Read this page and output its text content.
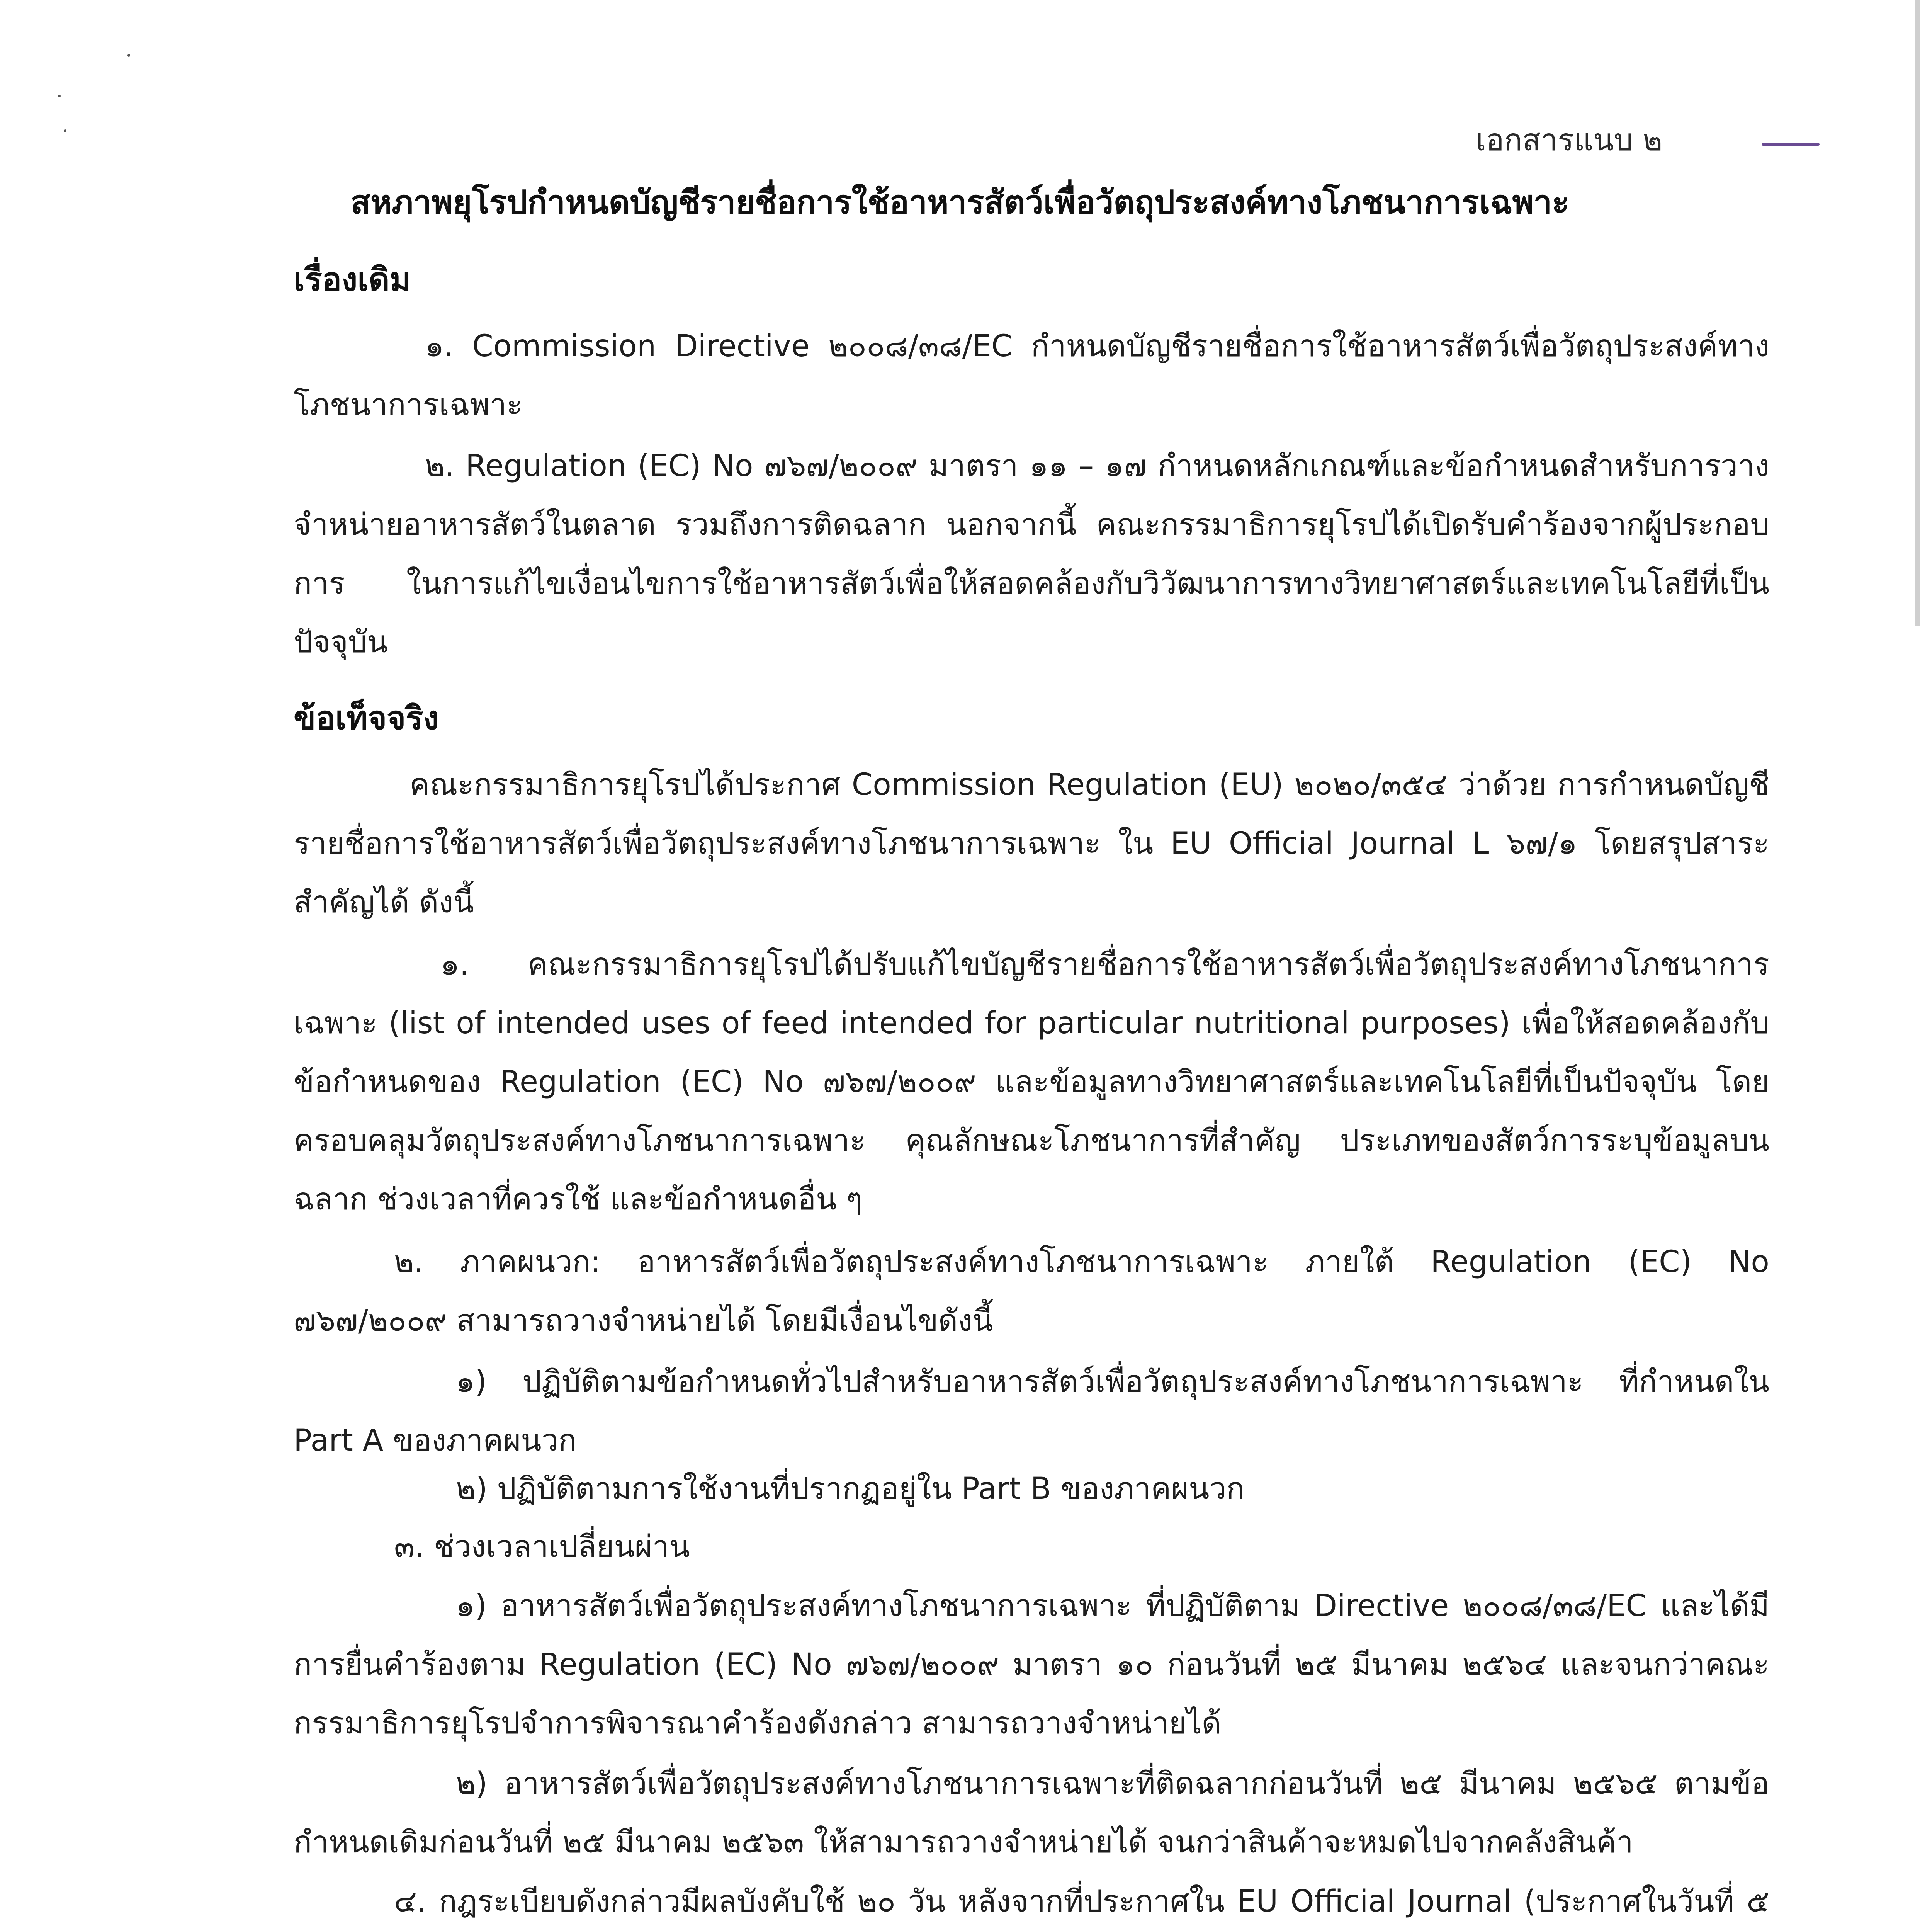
เอกสารแนบ ๒
สหภาพยุโรปกำหนดบัญชีรายชื่อการใช้อาหารสัตว์เพื่อวัตถุประสงค์ทางโภชนาการเฉพาะ
เรื่องเดิม

๑. Commission Directive ๒๐๐๘/๓๘/EC กำหนดบัญชีรายชื่อการใช้อาหารสัตว์เพื่อวัตถุประสงค์ทางโภชนาการเฉพาะ

๒. Regulation (EC) No ๗๖๗/๒๐๐๙ มาตรา ๑๑ – ๑๗ กำหนดหลักเกณฑ์และข้อกำหนดสำหรับการวางจำหน่ายอาหารสัตว์ในตลาด รวมถึงการติดฉลาก นอกจากนี้ คณะกรรมาธิการยุโรปได้เปิดรับคำร้องจากผู้ประกอบการ ในการแก้ไขเงื่อนไขการใช้อาหารสัตว์เพื่อให้สอดคล้องกับวิวัฒนาการทางวิทยาศาสตร์และเทคโนโลยีที่เป็นปัจจุบัน

ข้อเท็จจริง

คณะกรรมาธิการยุโรปได้ประกาศ Commission Regulation (EU) ๒๐๒๐/๓๕๔ ว่าด้วย การกำหนดบัญชีรายชื่อการใช้อาหารสัตว์เพื่อวัตถุประสงค์ทางโภชนาการเฉพาะ ใน EU Official Journal L ๖๗/๑ โดยสรุปสาระสำคัญได้ ดังนี้

๑. คณะกรรมาธิการยุโรปได้ปรับแก้ไขบัญชีรายชื่อการใช้อาหารสัตว์เพื่อวัตถุประสงค์ทางโภชนาการเฉพาะ (list of intended uses of feed intended for particular nutritional purposes) เพื่อให้สอดคล้องกับข้อกำหนดของ Regulation (EC) No ๗๖๗/๒๐๐๙ และข้อมูลทางวิทยาศาสตร์และเทคโนโลยีที่เป็นปัจจุบัน โดยครอบคลุมวัตถุประสงค์ทางโภชนาการเฉพาะ คุณลักษณะโภชนาการที่สำคัญ ประเภทของสัตว์การระบุข้อมูลบนฉลาก ช่วงเวลาที่ควรใช้ และข้อกำหนดอื่น ๆ

๒. ภาคผนวก: อาหารสัตว์เพื่อวัตถุประสงค์ทางโภชนาการเฉพาะ ภายใต้ Regulation (EC) No ๗๖๗/๒๐๐๙ สามารถวางจำหน่ายได้ โดยมีเงื่อนไขดังนี้

๑) ปฏิบัติตามข้อกำหนดทั่วไปสำหรับอาหารสัตว์เพื่อวัตถุประสงค์ทางโภชนาการเฉพาะ ที่กำหนดใน Part A ของภาคผนวก

๒) ปฏิบัติตามการใช้งานที่ปรากฏอยู่ใน Part B ของภาคผนวก
๓. ช่วงเวลาเปลี่ยนผ่าน

๑) อาหารสัตว์เพื่อวัตถุประสงค์ทางโภชนาการเฉพาะ ที่ปฏิบัติตาม Directive ๒๐๐๘/๓๘/EC และได้มีการยื่นคำร้องตาม Regulation (EC) No ๗๖๗/๒๐๐๙ มาตรา ๑๐ ก่อนวันที่ ๒๕ มีนาคม ๒๕๖๔ และจนกว่าคณะกรรมาธิการยุโรปจำการพิจารณาคำร้องดังกล่าว สามารถวางจำหน่ายได้

๒) อาหารสัตว์เพื่อวัตถุประสงค์ทางโภชนาการเฉพาะที่ติดฉลากก่อนวันที่ ๒๕ มีนาคม ๒๕๖๕ ตามข้อกำหนดเดิมก่อนวันที่ ๒๕ มีนาคม ๒๕๖๓ ให้สามารถวางจำหน่ายได้ จนกว่าสินค้าจะหมดไปจากคลังสินค้า

๔. กฎระเบียบดังกล่าวมีผลบังคับใช้ ๒๐ วัน หลังจากที่ประกาศใน EU Official Journal (ประกาศในวันที่ ๕
